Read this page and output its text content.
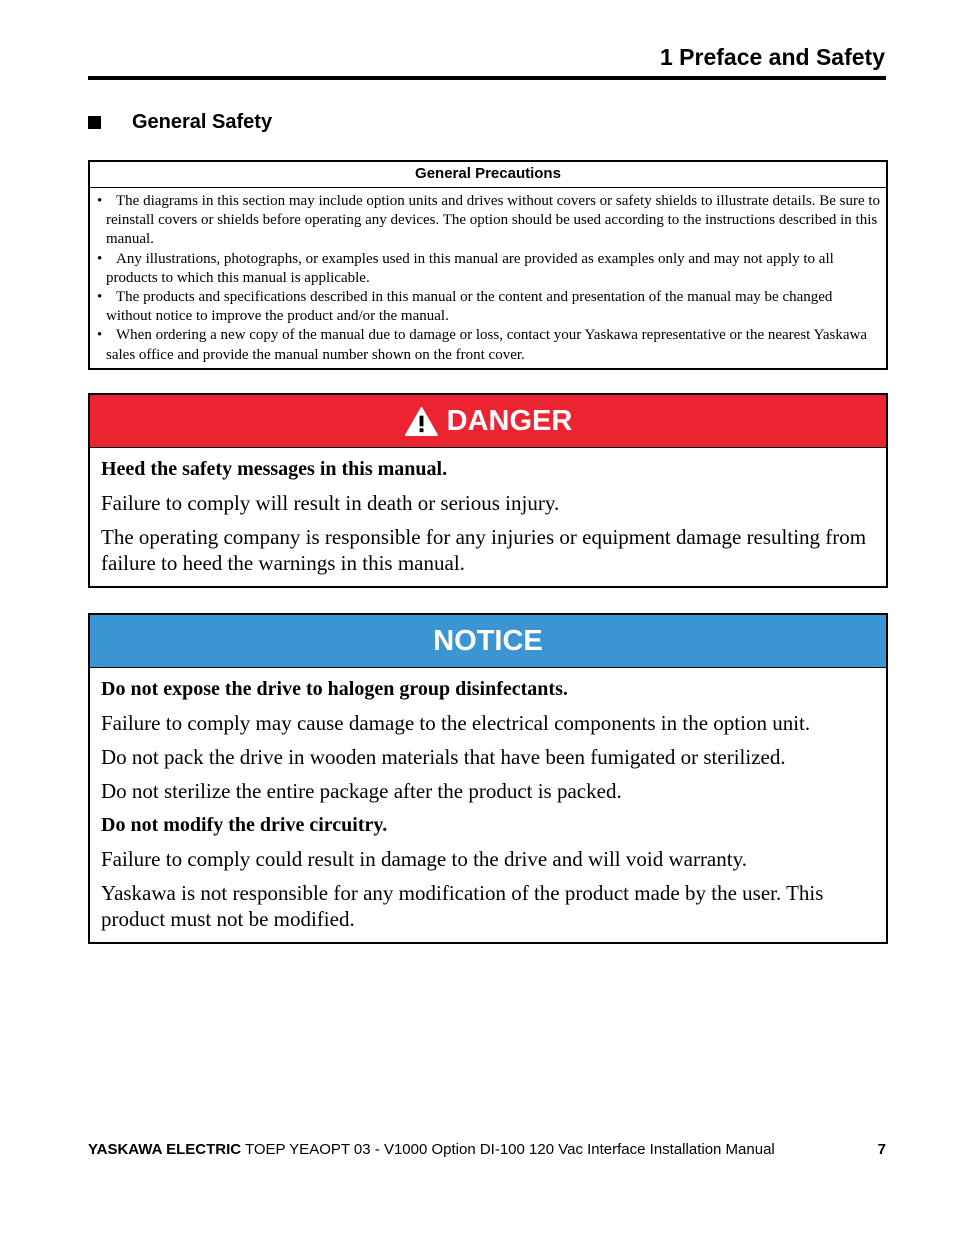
1 Preface and Safety
General Safety
General Precautions
• The diagrams in this section may include option units and drives without covers or safety shields to illustrate details. Be sure to reinstall covers or shields before operating any devices. The option should be used according to the instructions described in this manual.
• Any illustrations, photographs, or examples used in this manual are provided as examples only and may not apply to all products to which this manual is applicable.
• The products and specifications described in this manual or the content and presentation of the manual may be changed without notice to improve the product and/or the manual.
• When ordering a new copy of the manual due to damage or loss, contact your Yaskawa representative or the nearest Yaskawa sales office and provide the manual number shown on the front cover.
DANGER

Heed the safety messages in this manual.

Failure to comply will result in death or serious injury.

The operating company is responsible for any injuries or equipment damage resulting from failure to heed the warnings in this manual.

NOTICE

Do not expose the drive to halogen group disinfectants.

Failure to comply may cause damage to the electrical components in the option unit.

Do not pack the drive in wooden materials that have been fumigated or sterilized.

Do not sterilize the entire package after the product is packed.

Do not modify the drive circuitry.

Failure to comply could result in damage to the drive and will void warranty.

Yaskawa is not responsible for any modification of the product made by the user. This product must not be modified.

YASKAWA ELECTRIC TOEP YEAOPT 03 - V1000 Option DI-100 120 Vac Interface Installation Manual	7
